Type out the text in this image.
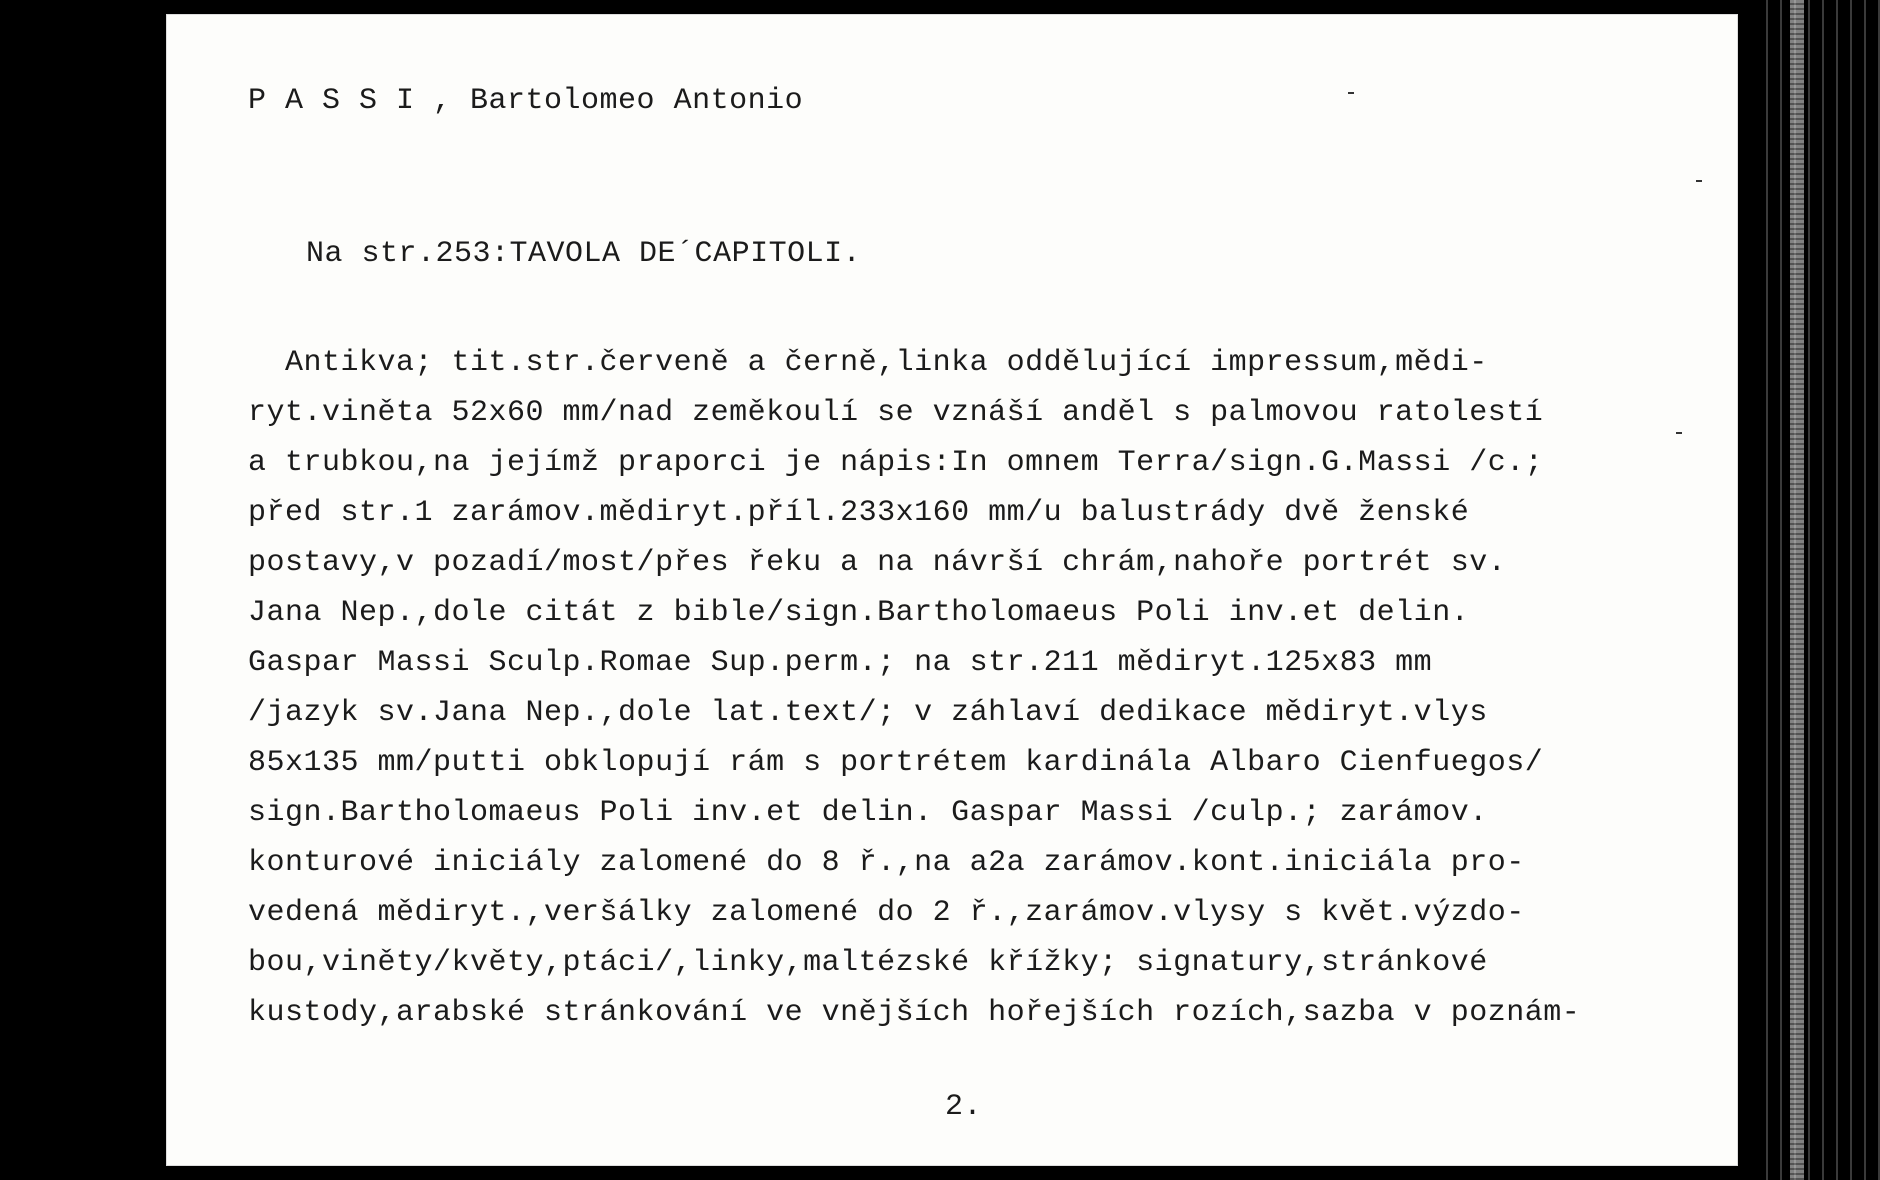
P A S S I , Bartolomeo Antonio
Na str.253:TAVOLA DE´CAPITOLI.
Antikva; tit.str.červeně a černě,linka oddělující impressum,mědi-
ryt.viněta 52x60 mm/nad zeměkoulí se vznáší anděl s palmovou ratolestí
a trubkou,na jejímž praporci je nápis:In omnem Terra/sign.G.Massi /c.;
před str.1 zarámov.mědiryt.příl.233x160 mm/u balustrády dvě ženské
postavy,v pozadí/most/přes řeku a na návrší chrám,nahoře portrét sv.
Jana Nep.,dole citát z bible/sign.Bartholomaeus Poli inv.et delin.
Gaspar Massi Sculp.Romae Sup.perm.; na str.211 mědiryt.125x83 mm
/jazyk sv.Jana Nep.,dole lat.text/; v záhlaví dedikace mědiryt.vlys
85x135 mm/putti obklopují rám s portrétem kardinála Albaro Cienfuegos/
sign.Bartholomaeus Poli inv.et delin. Gaspar Massi /culp.; zarámov.
konturové iniciály zalomené do 8 ř.,na a2a zarámov.kont.iniciála pro-
vedená mědiryt.,veršálky zalomené do 2 ř.,zarámov.vlysy s květ.výzdo-
bou,viněty/květy,ptáci/,linky,maltézské křížky; signatury,stránkové
kustody,arabské stránkování ve vnějších hořejších rozích,sazba v poznám-
2.
